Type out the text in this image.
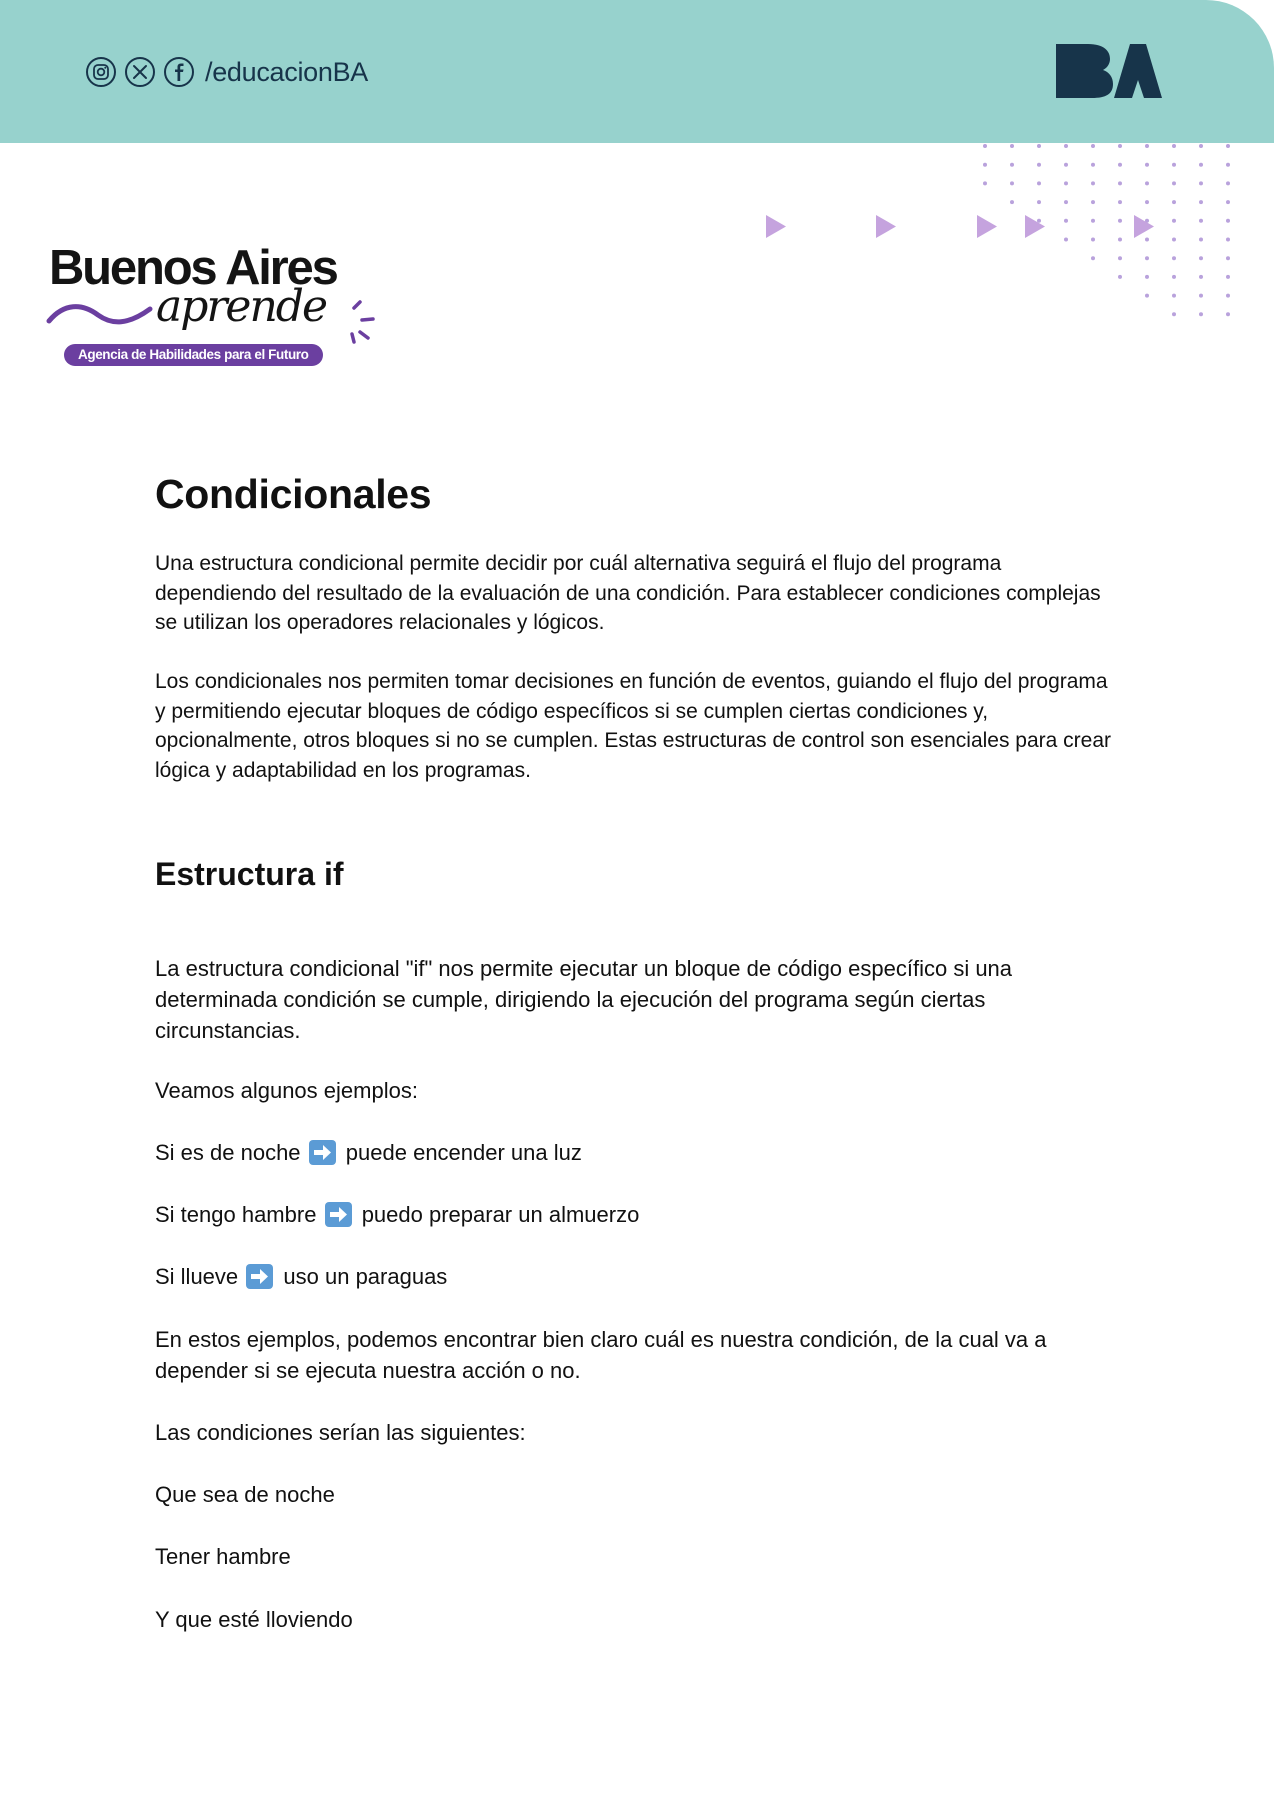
/educacionBA
Buenos Aires
aprende
Agencia de Habilidades para el Futuro
Condicionales

Una estructura condicional permite decidir por cuál alternativa seguirá el flujo del programa dependiendo del resultado de la evaluación de una condición. Para establecer condiciones complejas se utilizan los operadores relacionales y lógicos.

Los condicionales nos permiten tomar decisiones en función de eventos, guiando el flujo del programa y permitiendo ejecutar bloques de código específicos si se cumplen ciertas condiciones y, opcionalmente, otros bloques si no se cumplen. Estas estructuras de control son esenciales para crear lógica y adaptabilidad en los programas.

Estructura if

La estructura condicional "if" nos permite ejecutar un bloque de código específico si una determinada condición se cumple, dirigiendo la ejecución del programa según ciertas circunstancias.

Veamos algunos ejemplos:

Si es de noche puede encender una luz

Si tengo hambre puedo preparar un almuerzo

Si llueve uso un paraguas

En estos ejemplos, podemos encontrar bien claro cuál es nuestra condición, de la cual va a depender si se ejecuta nuestra acción o no.

Las condiciones serían las siguientes:

Que sea de noche

Tener hambre

Y que esté lloviendo
